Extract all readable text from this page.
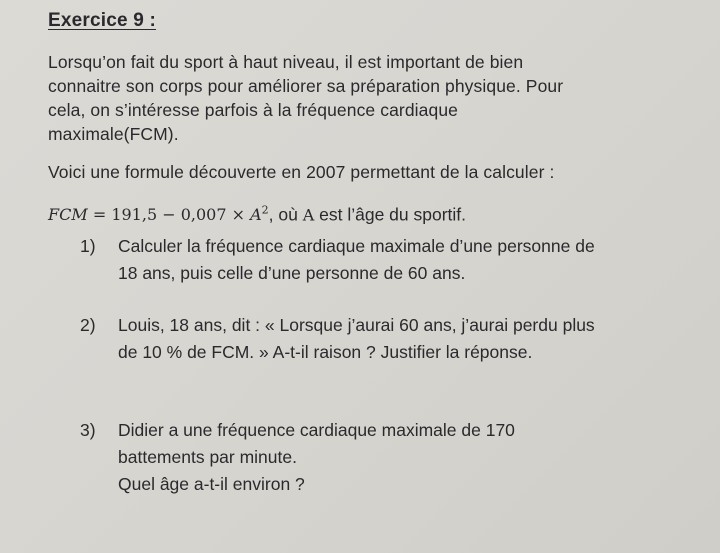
Exercice 9 :
Lorsqu’on fait du sport à haut niveau, il est important de bien
connaitre son corps pour améliorer sa préparation physique. Pour
cela, on s’intéresse parfois à la fréquence cardiaque
maximale(FCM).
Voici une formule découverte en 2007 permettant de la calculer :
FCM = $191,5 - 0,007 \times A^2$, où A est l’âge du sportif.
1)	Calculer la fréquence cardiaque maximale d’une personne de
18 ans, puis celle d’une personne de 60 ans.
2)	Louis, 18 ans, dit : « Lorsque j’aurai 60 ans, j’aurai perdu plus
de 10 % de FCM. » A-t-il raison ? Justifier la réponse.
3)	Didier a une fréquence cardiaque maximale de 170
battements par minute.
Quel âge a-t-il environ ?
